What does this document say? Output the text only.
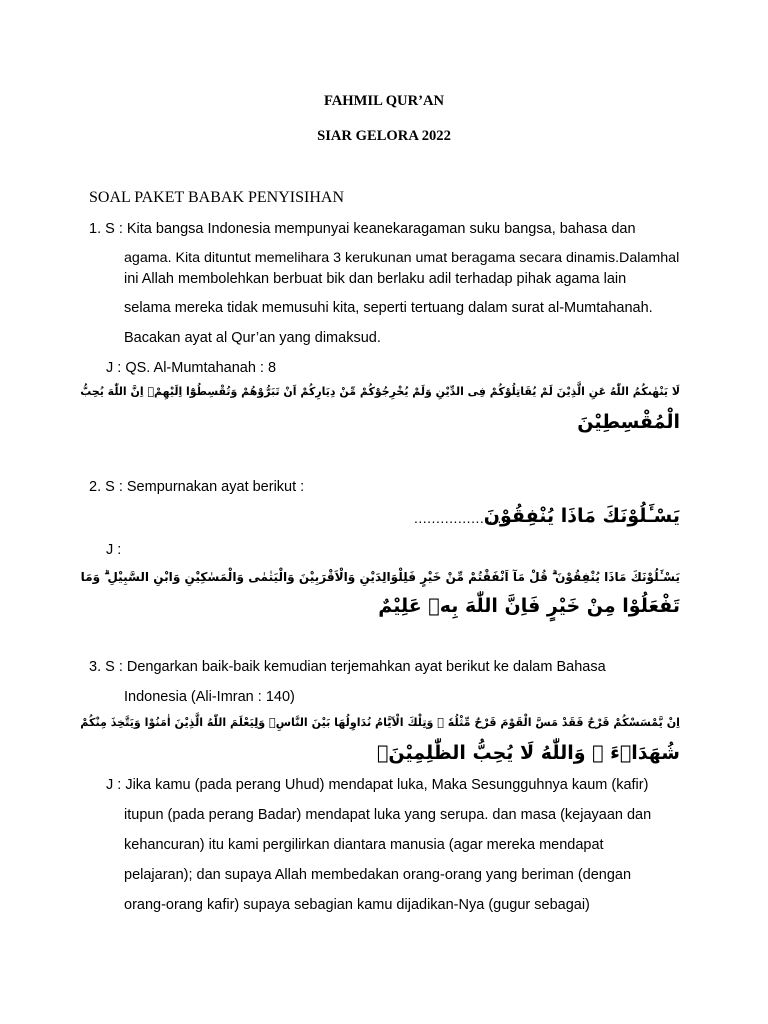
FAHMIL QUR’AN
SIAR GELORA 2022
SOAL PAKET BABAK PENYISIHAN
1. S : Kita bangsa Indonesia mempunyai keanekaragaman suku bangsa, bahasa dan
agama. Kita dituntut memelihara 3 kerukunan umat beragama secara dinamis.Dalamhal
ini Allah membolehkan berbuat bik dan berlaku adil terhadap pihak agama lain
selama mereka tidak memusuhi kita, seperti tertuang dalam surat al-Mumtahanah.
Bacakan ayat al Qur’an yang dimaksud.
J : QS. Al-Mumtahanah : 8
لَا يَنْهٰىكُمُ اللّٰهُ عَنِ الَّذِيْنَ لَمْ يُقَاتِلُوْكُمْ فِى الدِّيْنِ وَلَمْ يُخْرِجُوْكُمْ مِّنْ دِيَارِكُمْ اَنْ تَبَرُّوْهُمْ وَتُقْسِطُوْٓا اِلَيْهِمْۗ اِنَّ اللّٰهَ يُحِبُّ
الْمُقْسِطِيْنَ
2. S : Sempurnakan ayat berikut :
......................
يَسْـَٔلُوْنَكَ مَاذَا يُنْفِقُوْنَ
J :
يَسْـَٔلُوْنَكَ مَاذَا يُنْفِقُوْنَ ۗ قُلْ مَآ اَنْفَقْتُمْ مِّنْ خَيْرٍ فَلِلْوَالِدَيْنِ وَالْاَقْرَبِيْنَ وَالْيَتٰمٰى وَالْمَسٰكِيْنِ وَابْنِ السَّبِيْلِ ۗ وَمَا
تَفْعَلُوْا مِنْ خَيْرٍ فَاِنَّ اللّٰهَ بِهٖ عَلِيْمٌ
3. S : Dengarkan baik-baik kemudian terjemahkan ayat berikut ke dalam Bahasa
Indonesia (Ali-Imran : 140)
اِنْ يَّمْسَسْكُمْ قَرْحٌ فَقَدْ مَسَّ الْقَوْمَ قَرْحٌ مِّثْلُهٗ ۗ وَتِلْكَ الْاَيَّامُ نُدَاوِلُهَا بَيْنَ النَّاسِۚ وَلِيَعْلَمَ اللّٰهُ الَّذِيْنَ اٰمَنُوْا وَيَتَّخِذَ مِنْكُمْ
شُهَدَاۤءَ ۗ وَاللّٰهُ لَا يُحِبُّ الظّٰلِمِيْنَۙ
J : Jika kamu (pada perang Uhud) mendapat luka, Maka Sesungguhnya kaum (kafir)
itupun (pada perang Badar) mendapat luka yang serupa. dan masa (kejayaan dan
kehancuran) itu kami pergilirkan diantara manusia (agar mereka mendapat
pelajaran); dan supaya Allah membedakan orang-orang yang beriman (dengan
orang-orang kafir) supaya sebagian kamu dijadikan-Nya (gugur sebagai)
